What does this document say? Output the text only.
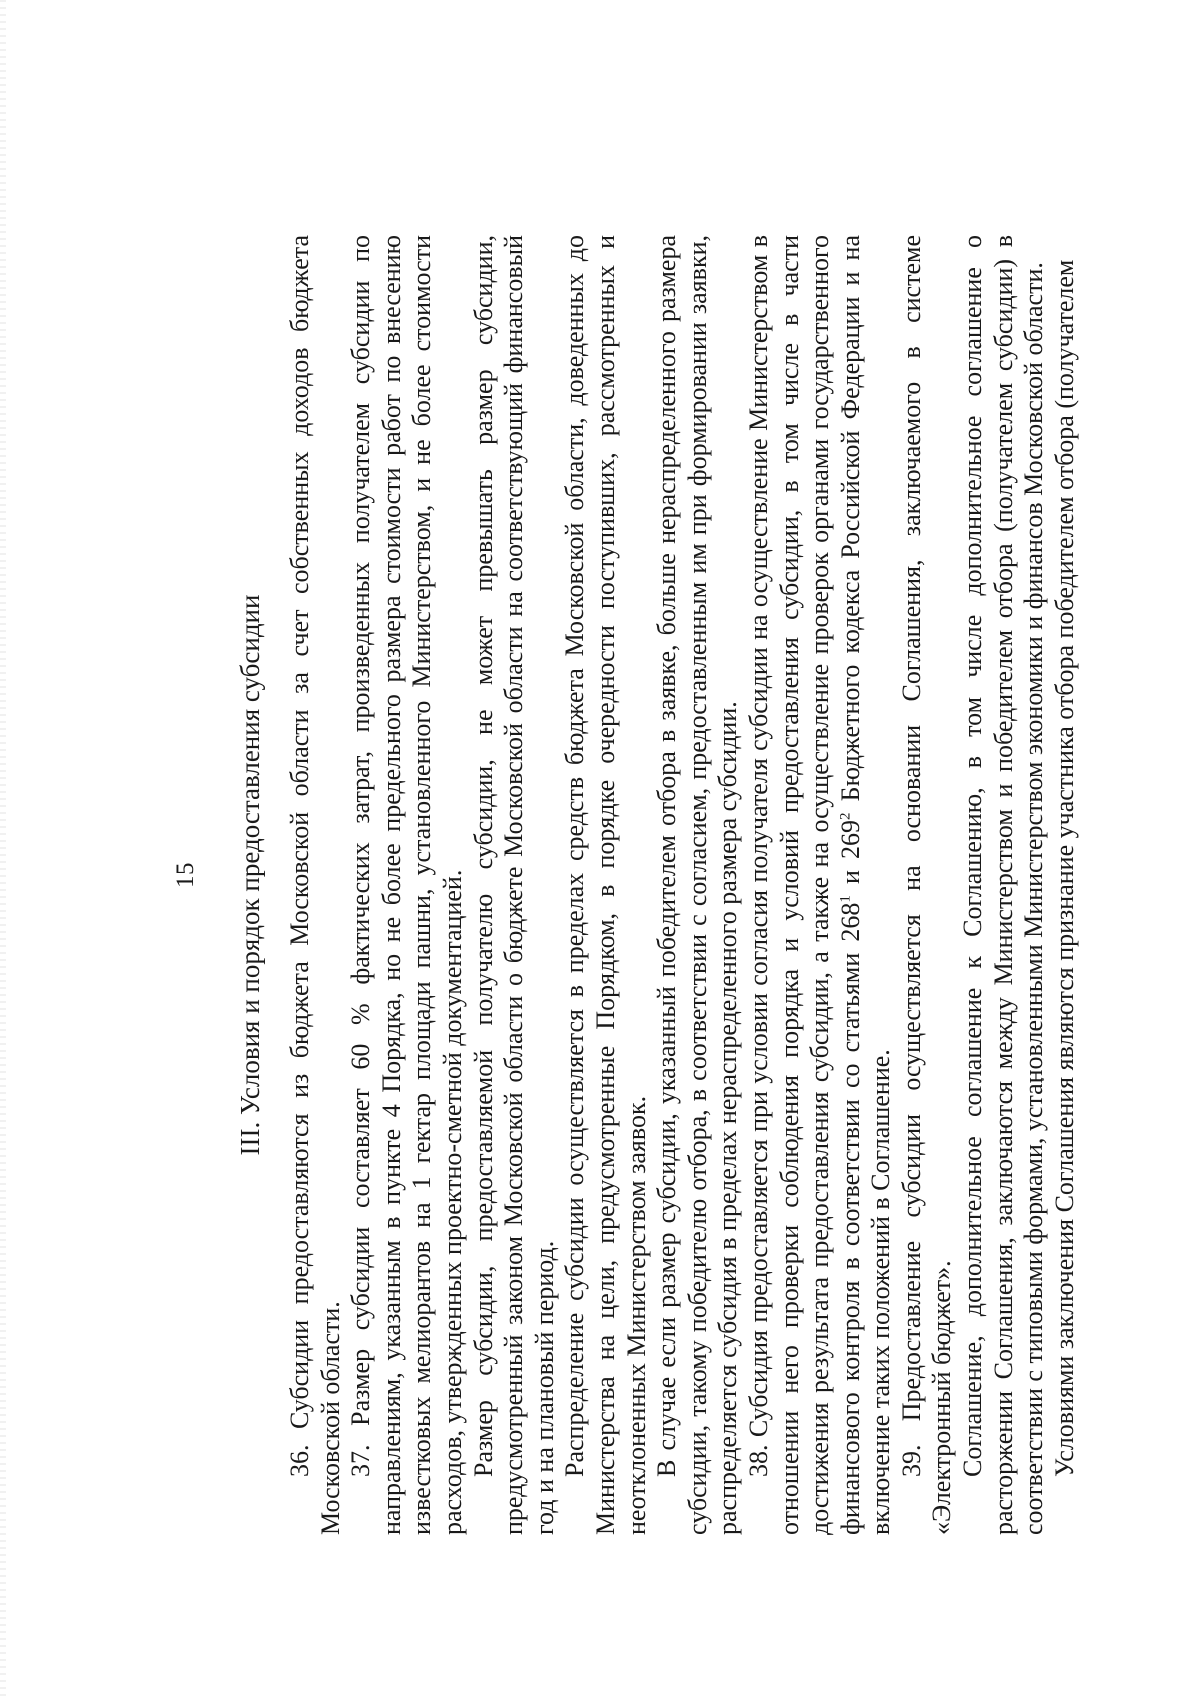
15 III. Условия и порядок предоставления субсидии 36. Субсидии предоставляются из бюджета Московской области за счет собственных доходов бюджета Московской области. 37. Размер субсидии составляет 60 % фактических затрат, произведенных получателем субсидии по направлениям, указанным в пункте 4 Порядка, но не более предельного размера стоимости работ по внесению известковых мелиорантов на 1 гектар площади пашни, установленного Министерством, и не более стоимости расходов, утвержденных проектно-сметной документацией. Размер субсидии, предоставляемой получателю субсидии, не может превышать размер субсидии, предусмотренный законом Московской области о бюджете Московской области на соответствующий финансовый год и на плановый период. Распределение субсидии осуществляется в пределах средств бюджета Московской области, доведенных до Министерства на цели, предусмотренные Порядком, в порядке очередности поступивших, рассмотренных и неотклоненных Министерством заявок. В случае если размер субсидии, указанный победителем отбора в заявке, больше нераспределенного размера субсидии, такому победителю отбора, в соответствии с согласием, предоставленным им при формировании заявки, распределяется субсидия в пределах нераспределенного размера субсидии. 38. Субсидия предоставляется при условии согласия получателя субсидии на осуществление Министерством в отношении него проверки соблюдения порядка и условий предоставления субсидии, в том числе в части достижения результата предоставления субсидии, а также на осуществление проверок органами государственного финансового контроля в соответствии со статьями $268^1$ и $269^2$ Бюджетного кодекса Российской Федерации и на включение таких положений в Соглашение. 39. Предоставление субсидии осуществляется на основании Соглашения, заключаемого в системе «Электронный бюджет». Соглашение, дополнительное соглашение к Соглашению, в том числе дополнительное соглашение о расторжении Соглашения, заключаются между Министерством и победителем отбора (получателем субсидии) в соответствии с типовыми формами, установленными Министерством экономики и финансов Московской области. Условиями заключения Соглашения являются признание участника отбора победителем отбора (получателем
